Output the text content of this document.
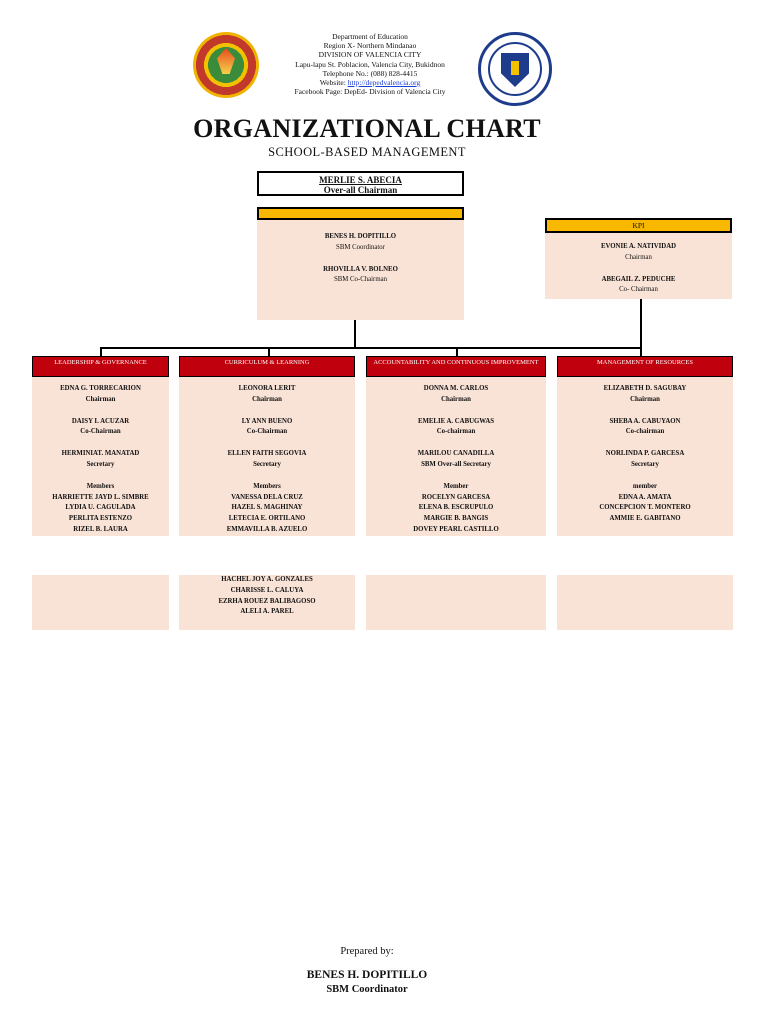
Department of Education
Region X- Northern Mindanao
DIVISION OF VALENCIA CITY
Lapu-lapu St. Poblacion, Valencia City, Bukidnon
Telephone No.: (088) 828-4415
Website: http://depedvalencia.org
Facebook Page: DepEd- Division of Valencia City
ORGANIZATIONAL CHART
SCHOOL-BASED MANAGEMENT
MERLIE S. ABECIA
Over-all Chairman
BENES H. DOPITILLO
SBM Coordinator
RHOVILLA V. BOLNEO
SBM Co-Chairman
KPI
EVONIE A. NATIVIDAD
Chairman
ABEGAIL Z. PEDUCHE
Co- Chairman
LEADERSHIP & GOVERNANCE
EDNA G. TORRECARION
Chairman
DAISY I. ACUZAR
Co-Chairman
HERMINIAT. MANATAD
Secretary
Members
HARRIETTE JAYD L. SIMBRE
LYDIA U. CAGULADA
PERLITA ESTENZO
RIZEL B. LAURA
CURRICULUM & LEARNING
LEONORA LERIT
Chairman
LY ANN BUENO
Co-Chairman
ELLEN FAITH SEGOVIA
Secretary
Members
VANESSA DELA CRUZ
HAZEL S. MAGHINAY
LETECIA E. ORTILANO
EMMAVILLA B. AZUELO
HACHEL JOY A. GONZALES
CHARISSE L. CALUYA
EZRHA ROUEZ BALIBAGOSO
ALELI A. PAREL
ACCOUNTABILITY AND CONTINUOUS IMPROVEMENT
DONNA M. CARLOS
Chairman
EMELIE A. CABUGWAS
Co-chairman
MARILOU CANADILLA
SBM Over-all Secretary
Member
ROCELYN GARCESA
ELENA B. ESCRUPULO
MARGIE B. BANGIS
DOVEY PEARL CASTILLO
MANAGEMENT OF RESOURCES
ELIZABETH D. SAGUBAY
Chairman
SHEBA A. CABUYAON
Co-chairman
NORLINDA P. GARCESA
Secretary
member
EDNA A. AMATA
CONCEPCION T. MONTERO
AMMIE E. GABITANO
Prepared by:
BENES H. DOPITILLO
SBM Coordinator
